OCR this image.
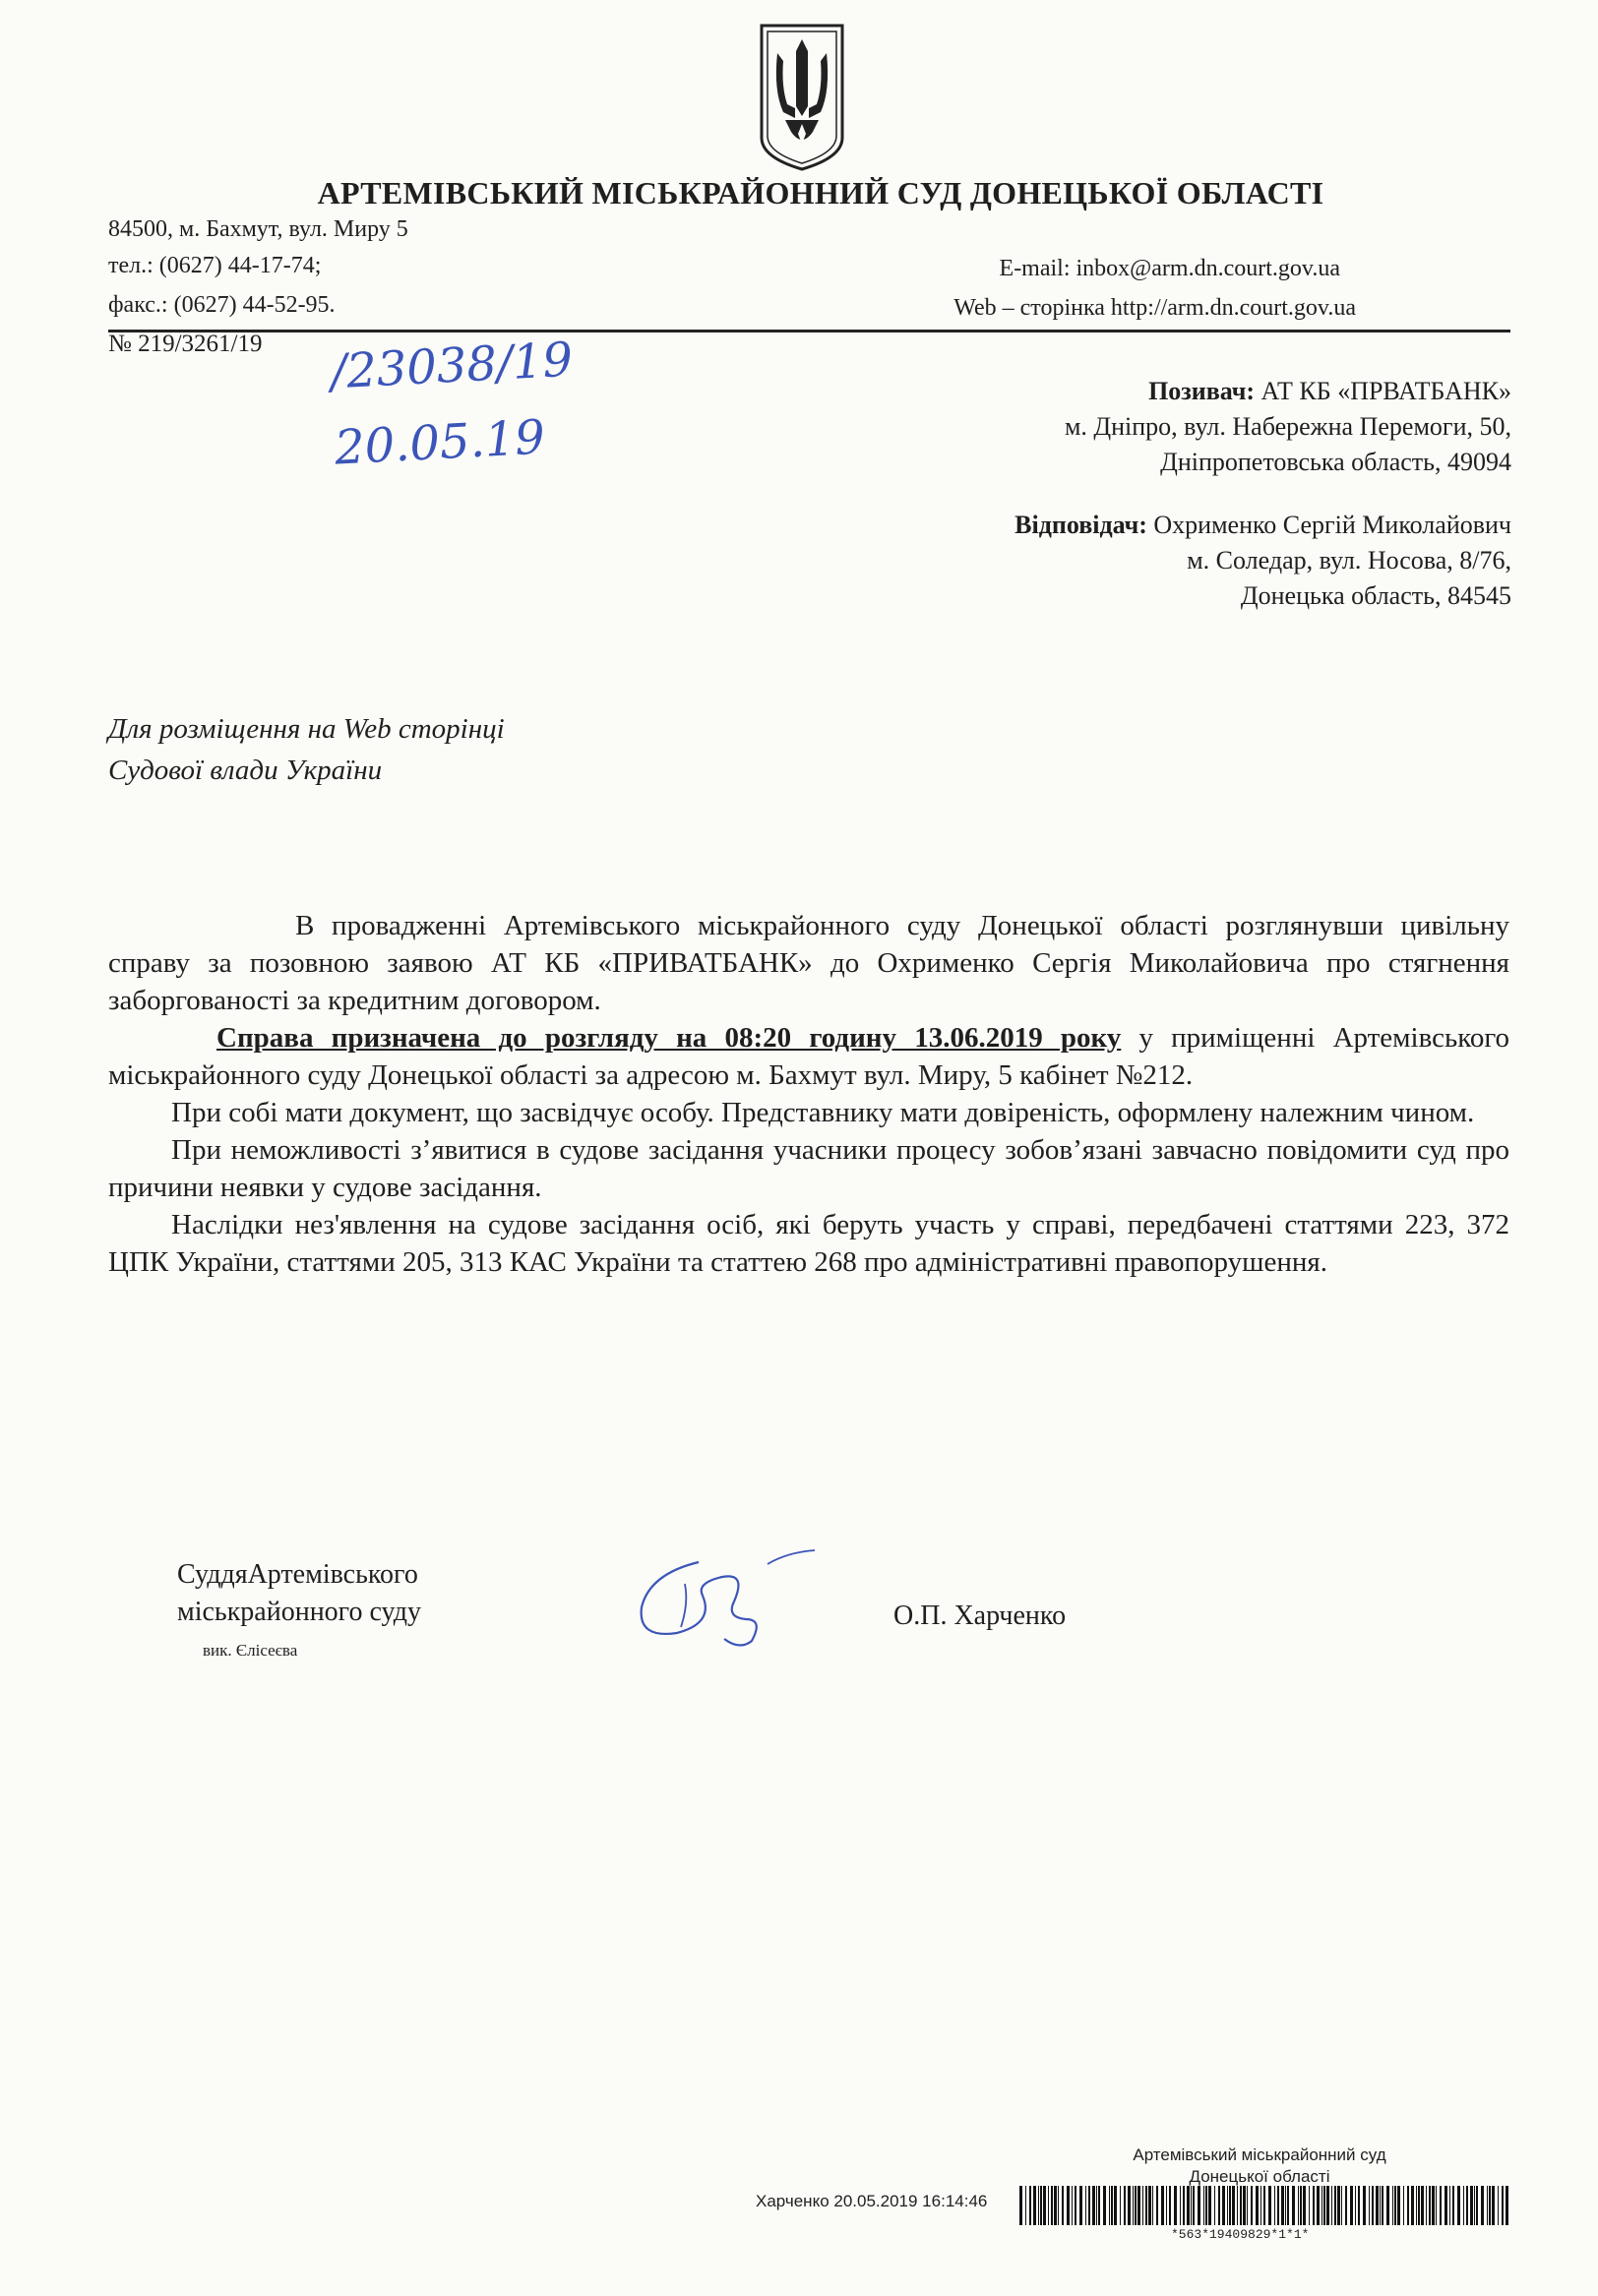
АРТЕМІВСЬКИЙ МІСЬКРАЙОННИЙ СУД ДОНЕЦЬКОЇ ОБЛАСТІ
84500, м. Бахмут, вул. Миру 5
тел.: (0627) 44-17-74;
факс.: (0627) 44-52-95.
E-mail: inbox@arm.dn.court.gov.ua
Web – сторінка http://arm.dn.court.gov.ua
№ 219/3261/19 /23038/19
20.05.19
Позивач: АТ КБ «ПРВАТБАНК»
м. Дніпро, вул. Набережна Перемоги, 50,
Дніпропетовська область, 49094
Відповідач: Охрименко Сергій Миколайович
м. Соледар, вул. Носова, 8/76,
Донецька область, 84545
Для розміщення на Web сторінці
Судової влади України

В провадженні Артемівського міськрайонного суду Донецької області розглянувши цивільну справу за позовною заявою АТ КБ «ПРИВАТБАНК» до Охрименко Сергія Миколайовича про стягнення заборгованості за кредитним договором.

Справа призначена до розгляду на 08:20 годину 13.06.2019 року у приміщенні Артемівського міськрайонного суду Донецької області за адресою м. Бахмут вул. Миру, 5 кабінет №212.

При собі мати документ, що засвідчує особу. Представнику мати довіреність, оформлену належним чином.

При неможливості з’явитися в судове засідання учасники процесу зобов’язані завчасно повідомити суд про причини неявки у судове засідання.

Наслідки нез'явлення на судове засідання осіб, які беруть участь у справі, передбачені статтями 223, 372 ЦПК України, статтями 205, 313 КАС України та статтею 268 про адміністративні правопорушення.

СуддяАртемівського
міськрайонного суду
вик. Єлісеєва
О.П. Харченко
Артемівський міськрайонний суд
Донецької області
Харченко 20.05.2019 16:14:46
*563*19409829*1*1*
